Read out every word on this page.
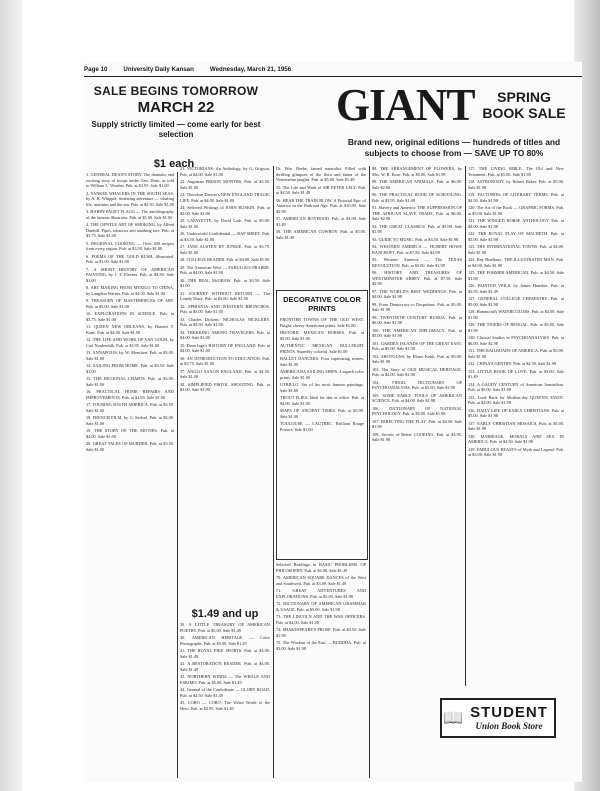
Page 10	University Daily Kansan	Wednesday, March 21, 1956
SALE BEGINS TOMORROW
MARCH 22
Supply strictly limited — come early for best selection
GIANT	SPRING BOOK SALE
Brand new, original editions — hundreds of titles and subjects to choose from — SAVE UP TO 80%
$1 each

1. GENERAL DEAN'S STORY. The dramatic and exciting story of troops under Gen. Dean, as told to William L. Worden. Pub. at $3.95. Sale $1.00

2. YANKEE WHALERS IN THE SOUTH SEAS, by A. B. Whipple. Seafaring adventure — whaling life, mutinies and the sea. Pub. at $3.50. Sale $1.00

3. HARRY PAGET FLAGG — The autobiography of the famous illustrator. Pub. at $5.00. Sale $1.00

4. THE GENTLE ART OF SMOKING, by Alfred Dunhill. Pipes, tobaccos and smoking lore. Pub. at $3.75. Sale $1.00

5. REGIONAL COOKING — Over 400 recipes from every region. Pub. at $3.50. Sale $1.00

6. POEMS OF THE GOLD RUSH, illustrated. Pub. at $3.00. Sale $1.00

7. A SHORT HISTORY OF AMERICAN PAINTING, by J. T. Flexner. Pub. at $4.50. Sale $1.00

8. ART MAKING FROM MEXICO TO CHINA, by Langdon Warner. Pub. at $4.00. Sale $1.00

9. TREASURY OF MASTERPIECES OF ART. Pub. at $5.00. Sale $1.00

10. EXPLORATIONS IN SCIENCE. Pub. at $3.75. Sale $1.00

11. QUEEN NEW ORLEANS, by Harnett T. Kane. Pub. at $4.00. Sale $1.00

12. THE LIFE AND WORK OF VAN GOGH, by Carl Nordenfalk. Pub. at $3.95. Sale $1.00

13. ANNAPOLIS, by W. Mencken. Pub. at $3.00. Sale $1.00

14. SAILING FROM HOME. Pub. at $3.50. Sale $1.00

15. THE REGIONAL CHARTS. Pub. at $3.00. Sale $1.00

16. PRACTICAL HOME REPAIRS AND IMPROVEMENTS. Pub. at $2.95. Sale $1.00

17. TOURING SOUTH AMERICA. Pub. at $3.50. Sale $1.00

18. FRENCH FILM, by G. Sadoul. Pub. at $3.00. Sale $1.00

19. THE STORY OF THE MOVIES. Pub. at $4.00. Sale $1.00

20. GREAT TALES OF MURDER. Pub. at $3.50. Sale $1.00

21. VICTORIANS: An Anthology, by G. Grigson. Pub. at $4.00. Sale $1.00

22. Augustan PRISON MONTHS, Pub. at $3.50. Sale $1.00

23. Theodore Dreiser's NEW ENGLAND TRAGIC LIFE. Pub. at $4.00. Sale $1.00

24. Selected Writings of JOHN RUSKIN. Pub. at $3.00. Sale $1.00

25. LAFAYETTE, by David Loth. Pub. at $5.00. Sale $1.00

26. Underworld Confidential — RAP SHEET. Pub. at $3.50. Sale $1.00

27. JANE AUSTEN BY JUNKIE. Pub. at $3.75. Sale $1.00

28. COLLEGE READER. Pub. at $4.00. Sale $1.00

29. The American West — FABULOUS PRAIRIE. Pub. at $4.00. Sale $1.00

30. THE REAL McGRAW. Pub. at $3.50. Sale $1.00

31. JOURNEY WITHOUT RETURN — The Lonely Diary. Pub. at $3.00. Sale $1.00

32. SPHINXIA AND WESTERN BRONCHOS. Pub. at $3.00. Sale $1.00

33. Charles Dickens' NICHOLAS NICKLEBY. Pub. at $4.50. Sale $1.00

34. TREKKING AMONG TRAVELERS. Pub. at $4.00. Sale $1.00

35. Dean Inge's HISTORY OF ENGLAND. Pub. at $4.00. Sale $1.00

36. AN INTRODUCTION TO EDUCATION. Pub. at $3.75. Sale $1.00

37. ANGLO SAXON ENGLAND. Pub. at $4.50. Sale $1.00

38. SIMPLIFIED PISTOL SHOOTING. Pub. at $3.00. Sale $1.00

$1.49 and up

39. A LITTLE TREASURY OF AMERICAN POETRY. Pub. at $5.00. Sale $1.49

40. AMERICAN HERITAGE — Color Photographs. Pub. at $5.00. Sale $1.49

41. THE ROYAL PIKE SPORTS. Pub. at $4.00. Sale $1.49

42. A RESTORATION READER. Pub. at $4.00. Sale $1.49

43. NORTHERN WINDS — The WHALE AND ESKIMO. Pub. at $5.00. Sale $1.49

44. General of the Confederate — GLORY ROAD. Pub. at $4.50. Sale $1.49

45. CORO — CORO: The Weird World of the Hero. Pub. at $3.95. Sale $1.49

Dr. Wm. Beebe, famed naturalist. Filled with thrilling glimpses of the flora and fauna of the Venezuelan jungles. Pub. at $5.00. Sale $1.49

55. The Life and Work of SIR PETER LELY. Pub. at $4.50. Sale $1.49

56. HEAR THE TRAIN BLOW. A Pictorial Epic of America in the Railroad Age. Pub. at $10.00. Sale $2.98

57. AMERICAN BOYHOOD. Pub. at $4.00. Sale $1.49

58. THE AMERICAN COWBOY. Pub. at $5.00. Sale $1.49

DECORATIVE COLOR PRINTS

FRONTIER TOWNS OF THE OLD WEST. Bright, cheery Americana prints. Sale $1.00

HISTORIC MEXICAN HORSES. Pub. at $5.00. Sale $1.00

AUTHENTIC MEXICAN BULLFIGHT PRINTS. Superbly colorful. Sale $1.00

BALLET DANCERS. Four captivating scenes. Sale $1.00

AMERICANA SAILING SHIPS. 4 superb color prints. Sale $1.00

UTRILLO. Six of his most famous paintings. Sale $1.00

TROUT FLIES. Ideal for den or office. Pub. at $4.00. Sale $1.00

MAPS OF ANCIENT TIMES. Pub. at $5.00. Sale $1.00

TOULOUSE — LAUTREC. Brilliant Rouge Posters. Sale $1.00

Selected Readings in BASIC PROBLEMS OF PHILOSOPHY. Pub. at $4.00. Sale $1.49

70. AMERICAN SQUARE DANCES of the West and Southwest. Pub. at $3.00. Sale $1.49

71. GREAT ADVENTURES AND EXPLORATIONS. Pub. at $5.00. Sale $1.98

72. DICTIONARY OF AMERICAN GRAMMAR & USAGE. Pub. at $5.00. Sale $1.98

73. THE LINCOLN AND THE WAR OFFICERS. Pub. at $4.00. Sale $1.98

74. SHAKESPEARE'S PROSE. Pub. at $3.50. Sale $1.98

75. The Wisdom of the East — BUDDHA. Pub. at $3.00. Sale $1.98

88. THE ARRANGEMENT OF FLOWERS, by Mrs. W. R. Rose. Pub. at $5.00. Sale $1.98

89. THE AMERICAN ANIMALS. Pub. at $6.00. Sale $2.98

90. THE PRACTICAL BOOK OF SCHOOLING. Pub. at $3.95. Sale $1.49

91. Slavery and America: THE SUPPRESSION OF THE AFRICAN SLAVE TRADE. Pub. at $6.00. Sale $2.98

92. THE GREAT CLASSICS. Pub. at $5.00. Sale $1.98

93. GUIDE TO MUSIC. Pub. at $4.50. Sale $1.98

94. WESTERN AMERICA — HUBERT HOWE BANCROFT. Pub. at $7.50. Sale $2.98

95. Western America — The TEXAS REVOLUTION. Pub. at $5.00. Sale $1.98

96. HISTORY AND TREASURES OF WESTMINSTER ABBEY. Pub. at $7.50. Sale $2.98

97. THE WORLD'S BEST WEDDINGS. Pub. at $4.00. Sale $1.98

98. From Democracy to Despotism. Pub. at $5.00. Sale $1.98

99. TWENTIETH CENTURY RUSSIA. Pub. at $6.00. Sale $1.98

100. THE AMERICAN DIPLOMACY. Pub. at $5.00. Sale $1.98

101. GARDEN ISLANDS OF THE GREAT EAST. Pub. at $5.00. Sale $1.98

102. SHOTGUNS, by Elmer Keith. Pub. at $5.00. Sale $1.98

103. The Story of OLD MUSICAL HERITAGE. Pub. at $4.00. Sale $1.98

104. VIRGIL DICTIONARY OF PSYCHOANALYSIS. Pub. at $5.00. Sale $1.98

105. SOME EARLY TOOLS OF AMERICAN SCIENCE. Pub. at $4.00. Sale $1.98

106. DICTIONARY OF NATIONAL PSYCHOLOGY. Pub. at $5.00. Sale $1.98

107. DIRECTING THE PLAY. Pub. at $4.00. Sale $1.98

108. Secrets of Better COOKING. Pub. at $4.95. Sale $1.98

117. THE LIVING BIBLE. The Old and New Testament. Pub. at $5.00. Sale $1.98

118. ASTRONOMY, by Robert Baker. Pub. at $5.00. Sale $1.98

119. FACTORIES OF LITERARY TERMS. Pub. at $4.50. Sale $1.98

120. The Art of the Book — GRAPHIC FORMS. Pub. at $5.00. Sale $1.98

121. THE WINGED HORSE ANTHOLOGY. Pub. at $4.00. Sale $1.98

122. THE ROYAL PLAY OF MACBETH. Pub. at $5.00. Sale $1.98

123. THE INTERNATIONAL TOWNS. Pub. at $4.00. Sale $1.98

124. Ray Bradbury: THE ILLUSTRATED MAN. Pub. at $4.00. Sale $1.98

125. THE FORMER AMERICAN. Pub. at $4.50. Sale $1.98

126. PAINTED VEILS, by James Huneker. Pub. at $3.95. Sale $1.49

127. GENERAL COLLEGE CHEMISTRY. Pub. at $5.00. Sale $1.98

128. Hammond's WATERCOLORS. Pub. at $4.00. Sale $1.98

129. THE TIGERS OF BENGAL. Pub. at $5.00. Sale $1.98

130. Clinical Studies in PSYCHOANALYSIS. Pub. at $6.00. Sale $2.98

131. THE RAILROADS OF AMERICA. Pub. at $5.00. Sale $1.98

132. CHINA'S GENTRY. Pub. at $4.50. Sale $1.98

133. LITTLE BOOK OF LOVE. Pub. at $3.00. Sale $1.49

134. A GAUDY CENTURY of American Journalism. Pub. at $5.00. Sale $1.98

135. Look Back for Modern-day QUEEN'S TASTE. Pub. at $4.00. Sale $1.98

136. DAILY LIFE OF EARLY CHRISTIANS. Pub. at $5.00. Sale $1.98

137. EARLY CHRISTIAN MOSAICS. Pub. at $5.00. Sale $1.98

138. MARRIAGE, MORALS AND SEX IN AMERICA. Pub. at $4.50. Sale $1.98

139. FABULOUS BEASTS of Myth and Legend. Pub. at $5.00. Sale $1.98

📖 STUDENT
Union Book Store
